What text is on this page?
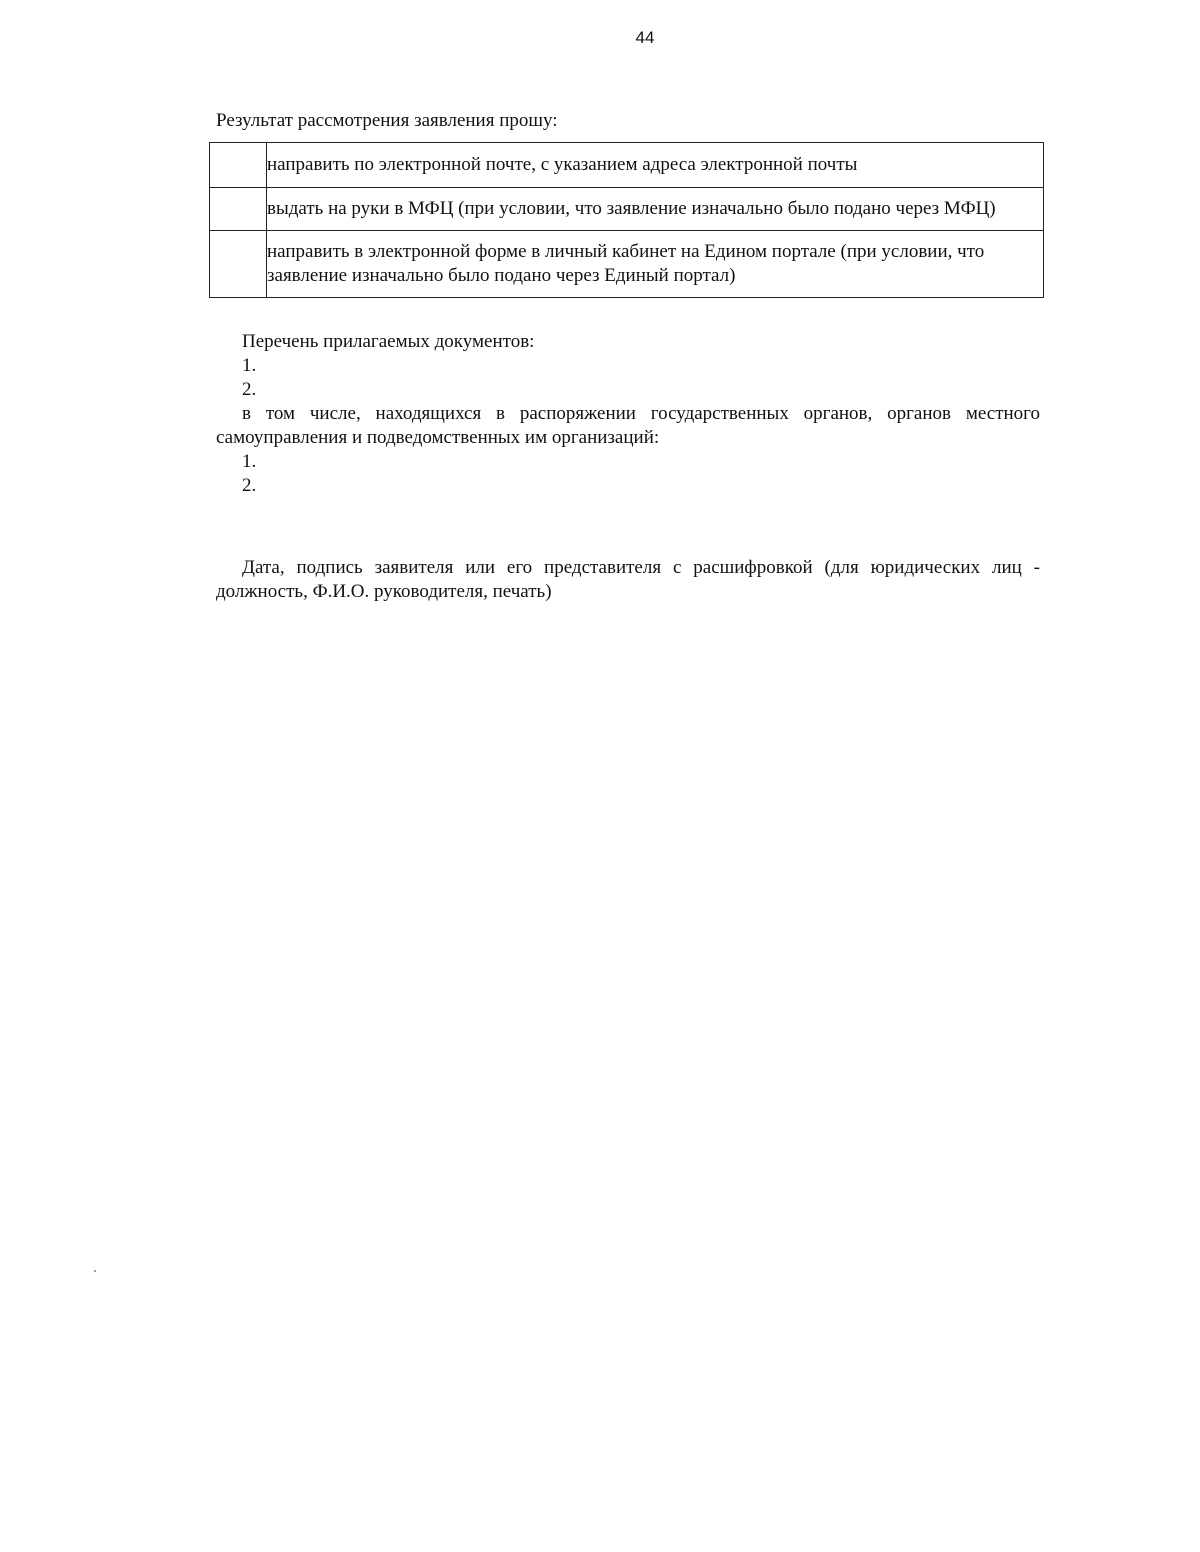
44
Результат рассмотрения заявления прошу:
	направить по электронной почте, с указанием адреса электронной почты
	выдать на руки в МФЦ (при условии, что заявление изначально было подано через МФЦ)
	направить в электронной форме в личный кабинет на Едином портале (при условии, что заявление изначально было подано через Единый портал)
Перечень прилагаемых документов:
1.
2.
в том числе, находящихся в распоряжении государственных органов, органов местного самоуправления и подведомственных им организаций:
1.
2.
Дата, подпись заявителя или его представителя с расшифровкой (для юридических лиц - должность, Ф.И.О. руководителя, печать)
